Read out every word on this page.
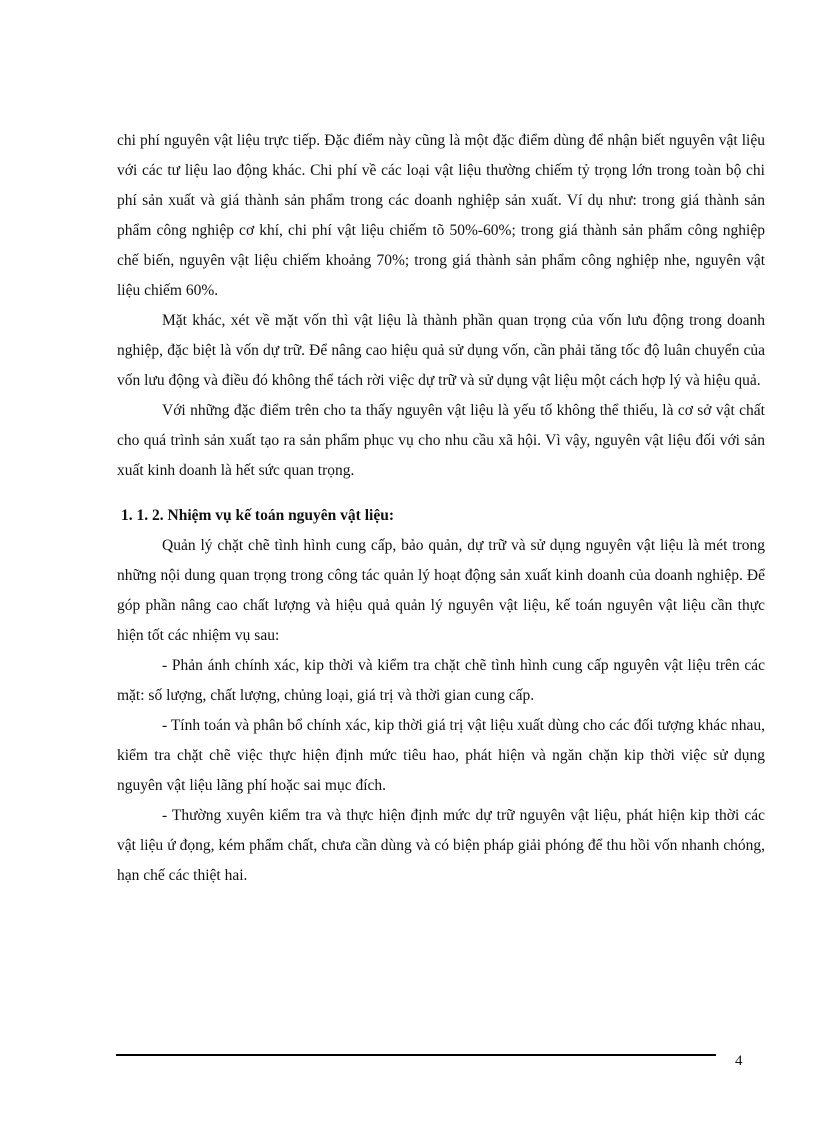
chi phí nguyên vật liệu trực tiếp. Đặc điểm này cũng là một đặc điểm dùng để nhận biết nguyên vật liệu với các tư liệu lao động khác. Chi phí về các loại vật liệu thường chiếm tỷ trọng lớn trong toàn bộ chi phí sản xuất và giá thành sản phẩm trong các doanh nghiệp sản xuất. Ví dụ như: trong giá thành sản phẩm công nghiệp cơ khí, chi phí vật liệu chiếm tõ 50%-60%; trong giá thành sản phẩm công nghiệp chế biến, nguyên vật liệu chiếm khoảng 70%; trong giá thành sản phẩm công nghiệp nhe, nguyên vật liệu chiếm 60%.

Mặt khác, xét về mặt vốn thì vật liệu là thành phần quan trọng của vốn lưu động trong doanh nghiệp, đặc biệt là vốn dự trữ. Để nâng cao hiệu quả sử dụng vốn, cần phải tăng tốc độ luân chuyển của vốn lưu động và điều đó không thể tách rời việc dự trữ và sử dụng vật liệu một cách hợp lý và hiệu quả.

Với những đặc điểm trên cho ta thấy nguyên vật liệu là yếu tố không thể thiếu, là cơ sở vật chất cho quá trình sản xuất tạo ra sản phẩm phục vụ cho nhu cầu xã hội. Vì vậy, nguyên vật liệu đối với sản xuất kinh doanh là hết sức quan trọng.

1. 1. 2. Nhiệm vụ kế toán nguyên vật liệu:

Quản lý chặt chẽ tình hình cung cấp, bảo quản, dự trữ và sử dụng nguyên vật liệu là mét trong những nội dung quan trọng trong công tác quản lý hoạt động sản xuất kinh doanh của doanh nghiệp. Để góp phần nâng cao chất lượng và hiệu quả quản lý nguyên vật liệu, kế toán nguyên vật liệu cần thực hiện tốt các nhiệm vụ sau:

- Phản ánh chính xác, kip thời và kiểm tra chặt chẽ tình hình cung cấp nguyên vật liệu trên các mặt: số lượng, chất lượng, chủng loại, giá trị và thời gian cung cấp.

- Tính toán và phân bổ chính xác, kip thời giá trị vật liệu xuất dùng cho các đối tượng khác nhau, kiểm tra chặt chẽ việc thực hiện định mức tiêu hao, phát hiện và ngăn chặn kip thời việc sử dụng nguyên vật liệu lãng phí hoặc sai mục đích.

- Thường xuyên kiểm tra và thực hiện định mức dự trữ nguyên vật liệu, phát hiện kip thời các vật liệu ứ đọng, kém phẩm chất, chưa cần dùng và có biện pháp giải phóng để thu hồi vốn nhanh chóng, hạn chế các thiệt hai.

4
